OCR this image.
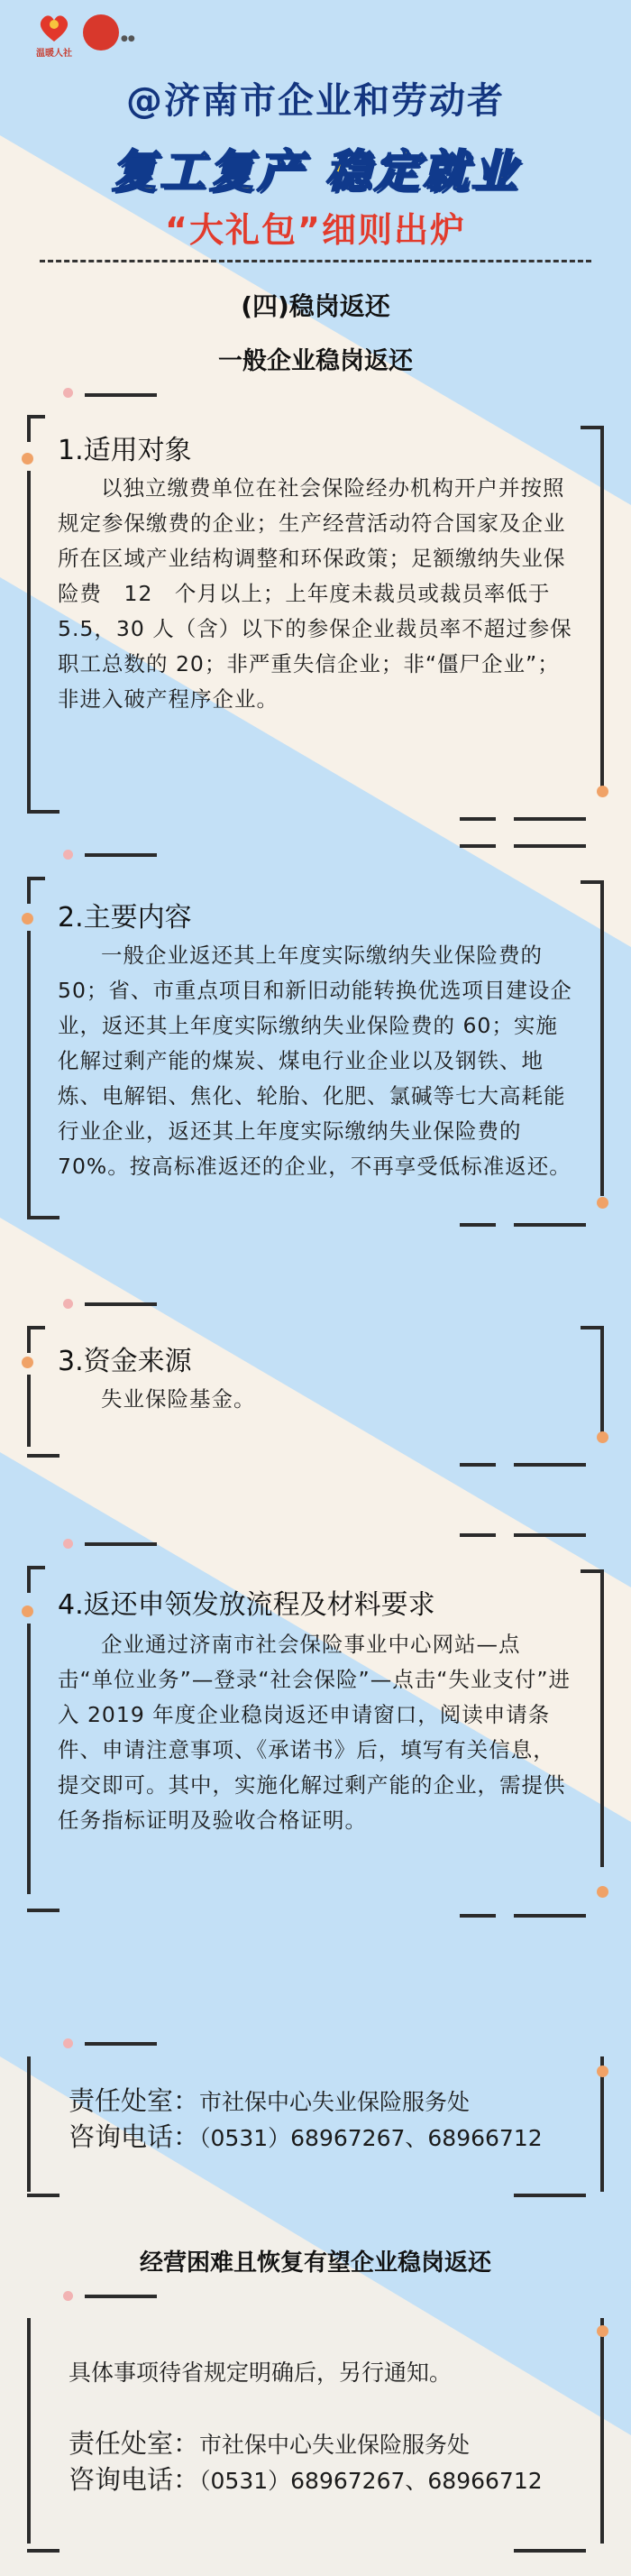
温暖人社
●●
@济南市企业和劳动者
复工复产 稳定就业
“大礼包”细则出炉
(四)稳岗返还
一般企业稳岗返还
1.适用对象
以独立缴费单位在社会保险经办机构开户并按照规定参保缴费的企业；生产经营活动符合国家及企业所在区域产业结构调整和环保政策；足额缴纳失业保险费　12　个月以上；上年度未裁员或裁员率低于5.5，30 人（含）以下的参保企业裁员率不超过参保职工总数的 20；非严重失信企业；非“僵尸企业”；非进入破产程序企业。
2.主要内容
一般企业返还其上年度实际缴纳失业保险费的 50；省、市重点项目和新旧动能转换优选项目建设企业，返还其上年度实际缴纳失业保险费的 60；实施化解过剩产能的煤炭、煤电行业企业以及钢铁、地炼、电解铝、焦化、轮胎、化肥、氯碱等七大高耗能行业企业，返还其上年度实际缴纳失业保险费的　70%。按高标准返还的企业，不再享受低标准返还。
3.资金来源
失业保险基金。
4.返还申领发放流程及材料要求
企业通过济南市社会保险事业中心网站—点击“单位业务”—登录“社会保险”—点击“失业支付”进入 2019 年度企业稳岗返还申请窗口，阅读申请条件、申请注意事项、《承诺书》后，填写有关信息，提交即可。其中，实施化解过剩产能的企业，需提供任务指标证明及验收合格证明。
责任处室：市社保中心失业保险服务处
咨询电话：（0531）68967267、68966712
经营困难且恢复有望企业稳岗返还
具体事项待省规定明确后，另行通知。
责任处室：市社保中心失业保险服务处
咨询电话：（0531）68967267、68966712
